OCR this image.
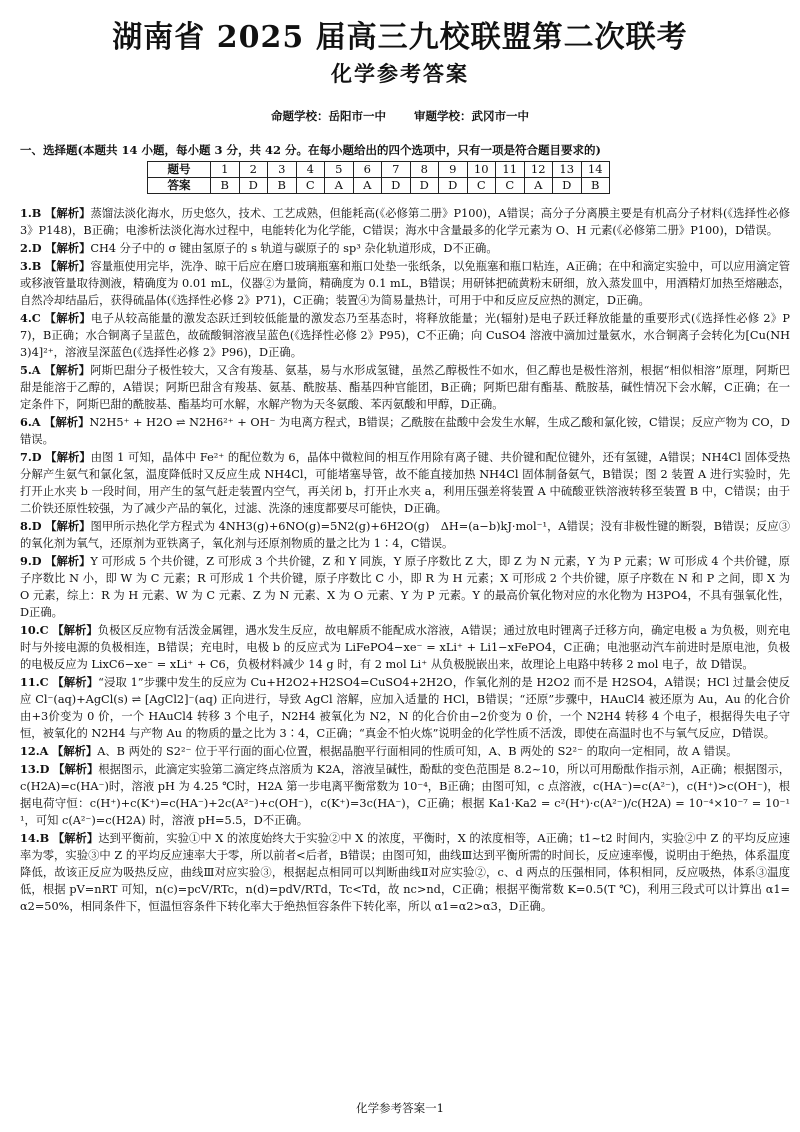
湖南省 2025 届高三九校联盟第二次联考
化学参考答案
命题学校：岳阳市一中 审题学校：武冈市一中
一、选择题(本题共 14 小题，每小题 3 分，共 42 分。在每小题给出的四个选项中，只有一项是符合题目要求的)
题号	1	2	3	4	5	6	7	8	9	10	11	12	13	14
答案	B	D	B	C	A	A	D	D	D	C	C	A	D	B

1.B 【解析】蒸馏法淡化海水，历史悠久，技术、工艺成熟，但能耗高(《必修第二册》P100)，A错误；高分子分离膜主要是有机高分子材料(《选择性必修 3》P148)，B正确；电渗析法淡化海水过程中，电能转化为化学能，C错误；海水中含量最多的化学元素为 O、H 元素(《必修第二册》P100)，D错误。

2.D 【解析】CH4 分子中的 σ 键由氢原子的 s 轨道与碳原子的 sp³ 杂化轨道形成，D不正确。

3.B 【解析】容量瓶使用完毕，洗净、晾干后应在磨口玻璃瓶塞和瓶口处垫一张纸条，以免瓶塞和瓶口粘连，A正确；在中和滴定实验中，可以应用滴定管或移液管量取待测液，精确度为 0.01 mL，仪器②为量筒，精确度为 0.1 mL，B错误；用研钵把硫黄粉末研细，放入蒸发皿中，用酒精灯加热至熔融态，自然冷却结晶后，获得硫晶体(《选择性必修 2》P71)，C正确；装置④为简易量热计，可用于中和反应反应热的测定，D正确。

4.C 【解析】电子从较高能量的激发态跃迁到较低能量的激发态乃至基态时，将释放能量；光(辐射)是电子跃迁释放能量的重要形式(《选择性必修 2》P7)，B正确；水合铜离子呈蓝色，故硫酸铜溶液呈蓝色(《选择性必修 2》P95)，C不正确；向 CuSO4 溶液中滴加过量氨水，水合铜离子会转化为[Cu(NH3)4]²⁺，溶液呈深蓝色(《选择性必修 2》P96)，D正确。

5.A 【解析】阿斯巴甜分子极性较大，又含有羧基、氨基，易与水形成氢键，虽然乙醇极性不如水，但乙醇也是极性溶剂，根据“相似相溶”原理，阿斯巴甜是能溶于乙醇的，A错误；阿斯巴甜含有羧基、氨基、酰胺基、酯基四种官能团，B正确；阿斯巴甜有酯基、酰胺基，碱性情况下会水解，C正确；在一定条件下，阿斯巴甜的酰胺基、酯基均可水解，水解产物为天冬氨酸、苯丙氨酸和甲醇，D正确。

6.A 【解析】N2H5⁺ + H2O ⇌ N2H6²⁺ + OH⁻ 为电离方程式，B错误；乙酰胺在盐酸中会发生水解，生成乙酸和氯化铵，C错误；反应产物为 CO，D错误。

7.D 【解析】由图 1 可知，晶体中 Fe²⁺ 的配位数为 6，晶体中微粒间的相互作用除有离子键、共价键和配位键外，还有氢键，A错误；NH4Cl 固体受热分解产生氨气和氯化氢，温度降低时又反应生成 NH4Cl，可能堵塞导管，故不能直接加热 NH4Cl 固体制备氨气，B错误；图 2 装置 A 进行实验时，先打开止水夹 b 一段时间，用产生的氢气赶走装置内空气，再关闭 b，打开止水夹 a，利用压强差将装置 A 中硫酸亚铁溶液转移至装置 B 中，C错误；由于二价铁还原性较强，为了减少产品的氧化，过滤、洗涤的速度都要尽可能快，D正确。

8.D 【解析】图甲所示热化学方程式为 4NH3(g)+6NO(g)=5N2(g)+6H2O(g)　ΔH=(a−b)kJ·mol⁻¹，A错误；没有非极性键的断裂，B错误；反应③的氧化剂为氧气，还原剂为亚铁离子，氧化剂与还原剂物质的量之比为 1∶4，C错误。

9.D 【解析】Y 可形成 5 个共价键，Z 可形成 3 个共价键，Z 和 Y 同族，Y 原子序数比 Z 大，即 Z 为 N 元素，Y 为 P 元素；W 可形成 4 个共价键，原子序数比 N 小，即 W 为 C 元素；R 可形成 1 个共价键，原子序数比 C 小，即 R 为 H 元素；X 可形成 2 个共价键，原子序数在 N 和 P 之间，即 X 为 O 元素，综上：R 为 H 元素、W 为 C 元素、Z 为 N 元素、X 为 O 元素、Y 为 P 元素。Y 的最高价氧化物对应的水化物为 H3PO4，不具有强氧化性，D正确。

10.C 【解析】负极区反应物有活泼金属锂，遇水发生反应，故电解质不能配成水溶液，A错误；通过放电时锂离子迁移方向，确定电极 a 为负极，则充电时与外接电源的负极相连，B错误；充电时，电极 b 的反应式为 LiFePO4−xe⁻ = xLi⁺ + Li1−xFePO4，C正确；电池驱动汽车前进时是原电池，负极的电极反应为 LixC6−xe⁻ = xLi⁺ + C6，负极材料减少 14 g 时，有 2 mol Li⁺ 从负极脱嵌出来，故理论上电路中转移 2 mol 电子，故 D错误。

11.C 【解析】“浸取 1”步骤中发生的反应为 Cu+H2O2+H2SO4=CuSO4+2H2O，作氧化剂的是 H2O2 而不是 H2SO4，A错误；HCl 过量会使反应 Cl⁻(aq)+AgCl(s) ⇌ [AgCl2]⁻(aq) 正向进行，导致 AgCl 溶解，应加入适量的 HCl，B错误；“还原”步骤中，HAuCl4 被还原为 Au，Au 的化合价由+3价变为 0 价，一个 HAuCl4 转移 3 个电子，N2H4 被氧化为 N2，N 的化合价由−2价变为 0 价，一个 N2H4 转移 4 个电子，根据得失电子守恒，被氧化的 N2H4 与产物 Au 的物质的量之比为 3∶4，C正确；“真金不怕火炼”说明金的化学性质不活泼，即使在高温时也不与氧气反应，D错误。

12.A 【解析】A、B 两处的 S2²⁻ 位于平行面的面心位置，根据晶胞平行面相同的性质可知，A、B 两处的 S2²⁻ 的取向一定相同，故 A 错误。

13.D 【解析】根据图示，此滴定实验第二滴定终点溶质为 K2A，溶液呈碱性，酚酞的变色范围是 8.2~10，所以可用酚酞作指示剂，A正确；根据图示，c(H2A)=c(HA⁻)时，溶液 pH 为 4.25 ℃时，H2A 第一步电离平衡常数为 10⁻⁴，B正确；由图可知，c 点溶液，c(HA⁻)=c(A²⁻)，c(H⁺)>c(OH⁻)，根据电荷守恒：c(H⁺)+c(K⁺)=c(HA⁻)+2c(A²⁻)+c(OH⁻)，c(K⁺)=3c(HA⁻)，C正确；根据 Ka1·Ka2 = c²(H⁺)·c(A²⁻)/c(H2A) = 10⁻⁴×10⁻⁷ = 10⁻¹¹，可知 c(A²⁻)=c(H2A) 时，溶液 pH=5.5，D不正确。

14.B 【解析】达到平衡前，实验①中 X 的浓度始终大于实验②中 X 的浓度，平衡时，X 的浓度相等，A正确；t1~t2 时间内，实验②中 Z 的平均反应速率为零，实验③中 Z 的平均反应速率大于零，所以前者<后者，B错误；由图可知，曲线Ⅲ达到平衡所需的时间长，反应速率慢，说明由于绝热，体系温度降低，故该正反应为吸热反应，曲线Ⅲ对应实验③，根据起点相同可以判断曲线Ⅱ对应实验②，c、d 两点的压强相同，体积相同，反应吸热，体系③温度低，根据 pV=nRT 可知，n(c)=pcV/RTc，n(d)=pdV/RTd，Tc<Td，故 nc>nd，C正确；根据平衡常数 K=0.5(T ℃)，利用三段式可以计算出 α1=α2=50%，相同条件下，恒温恒容条件下转化率大于绝热恒容条件下转化率，所以 α1=α2>α3，D正确。

化学参考答案一1
